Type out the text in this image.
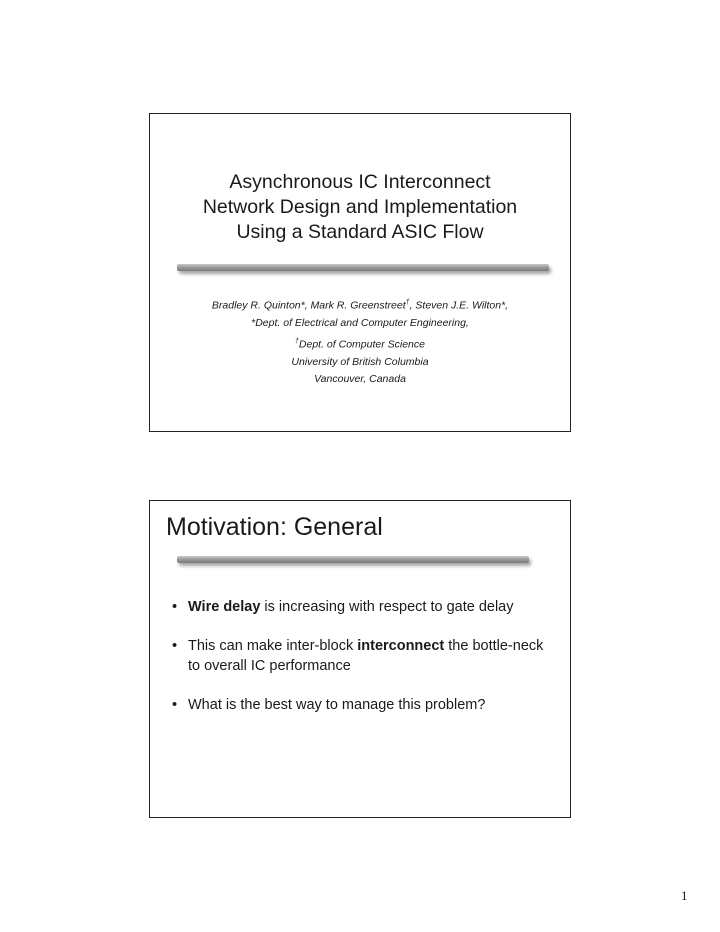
Asynchronous IC Interconnect
Network Design and Implementation
Using a Standard ASIC Flow
Bradley R. Quinton*, Mark R. Greenstreet†, Steven J.E. Wilton*,
*Dept. of Electrical and Computer Engineering,
†Dept. of Computer Science
University of British Columbia
Vancouver, Canada
Motivation: General
• Wire delay is increasing with respect to gate delay
• This can make inter-block interconnect the bottle-neck to overall IC performance
• What is the best way to manage this problem?
1
